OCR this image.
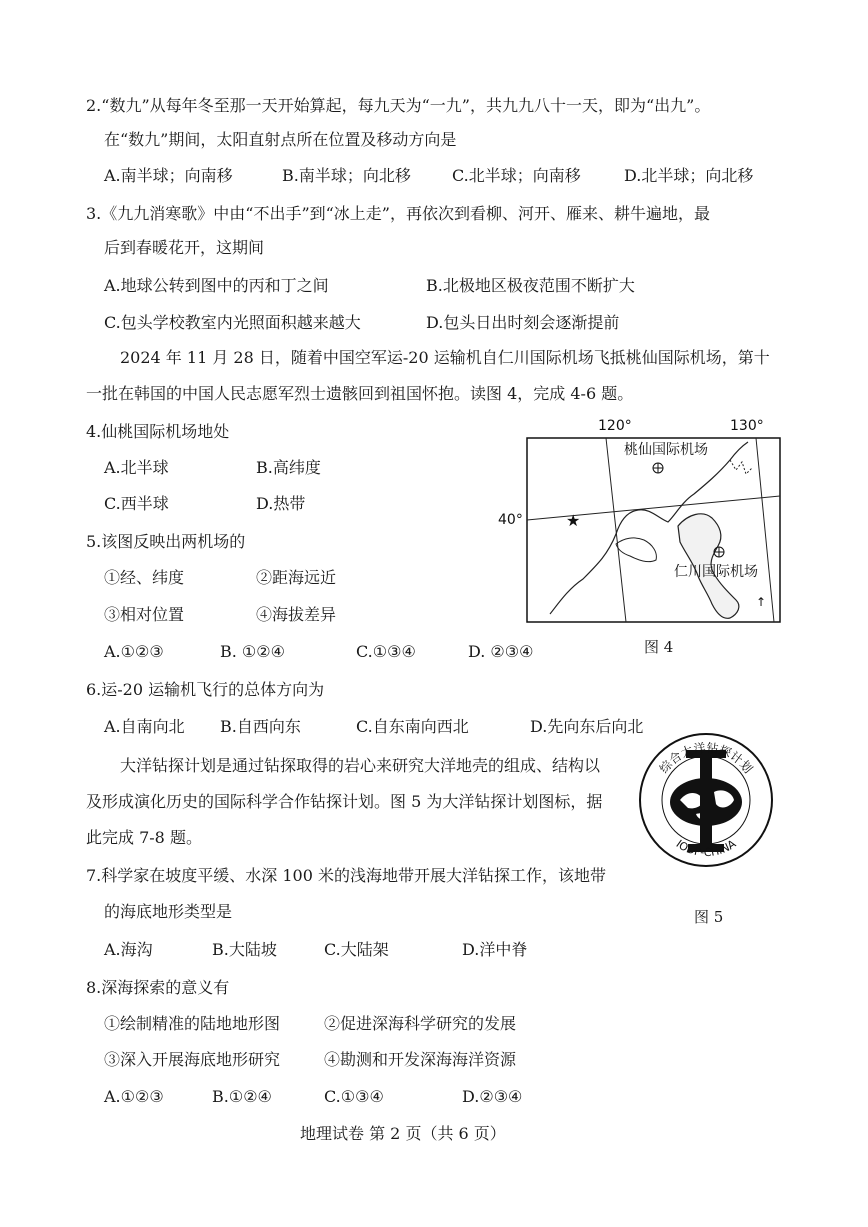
2.“数九”从每年冬至那一天开始算起，每九天为“一九”，共九九八十一天，即为“出九”。
在“数九”期间，太阳直射点所在位置及移动方向是
A.南半球；向南移	B.南半球；向北移	C.北半球；向南移	D.北半球；向北移
3.《九九消寒歌》中由“不出手”到“冰上走”，再依次到看柳、河开、雁来、耕牛遍地，最
后到春暖花开，这期间
A.地球公转到图中的丙和丁之间	B.北极地区极夜范围不断扩大
C.包头学校教室内光照面积越来越大	D.包头日出时刻会逐渐提前
2024 年 11 月 28 日，随着中国空军运-20 运输机自仁川国际机场飞抵桃仙国际机场，第十
一批在韩国的中国人民志愿军烈士遗骸回到祖国怀抱。读图 4，完成 4-6 题。
4.仙桃国际机场地处
A.北半球	B.高纬度
C.西半球	D.热带
5.该图反映出两机场的
①经、纬度	②距海远近
③相对位置	④海拔差异
A.①②③	B. ①②④	C.①③④	D. ②③④
★
↑
120°	130°
40°
桃仙国际机场
仁川国际机场
图 4
6.运-20 运输机飞行的总体方向为
A.自南向北 B.自西向东	C.自东南向西北	D.先向东后向北
大洋钻探计划是通过钻探取得的岩心来研究大洋地壳的组成、结构以
及形成演化历史的国际科学合作钻探计划。图 5 为大洋钻探计划图标，据
此完成 7-8 题。
综合大洋钻探计划
IODP-CHINA
图 5
7.科学家在坡度平缓、水深 100 米的浅海地带开展大洋钻探工作，该地带
的海底地形类型是
A.海沟	B.大陆坡	C.大陆架	D.洋中脊
8.深海探索的意义有
①绘制精准的陆地地形图	②促进深海科学研究的发展
③深入开展海底地形研究	④勘测和开发深海海洋资源
A.①②③	B.①②④	C.①③④	D.②③④
地理试卷 第 2 页（共 6 页）
